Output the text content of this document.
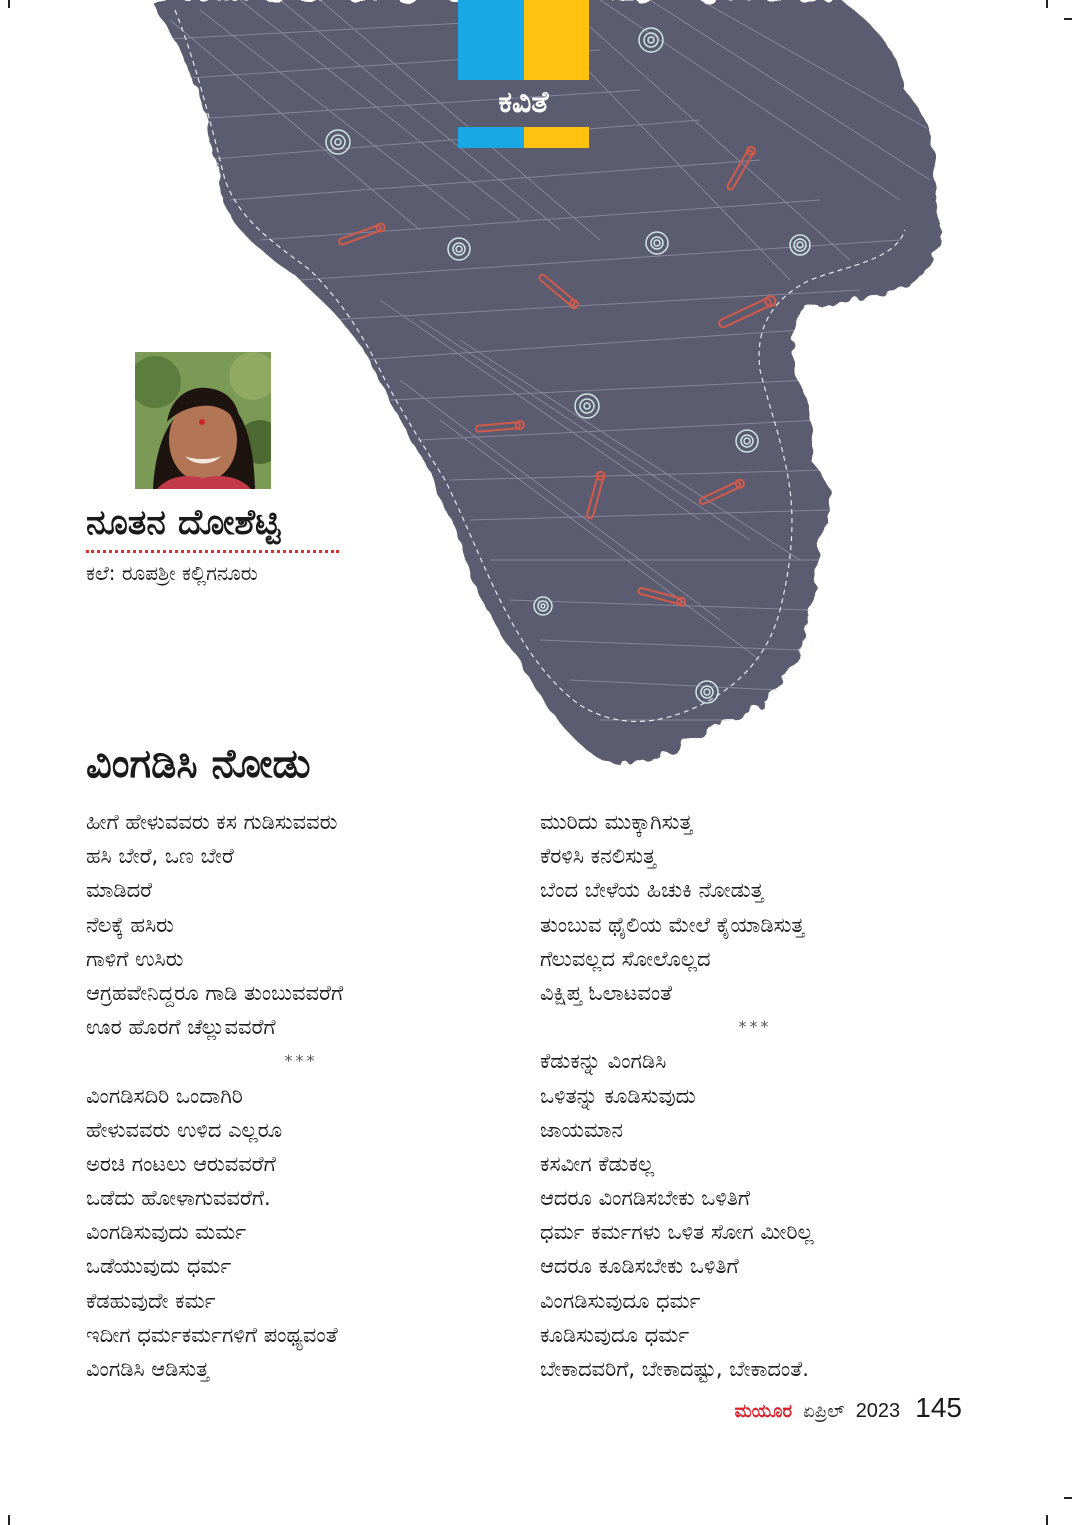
ಕವಿತೆ
ನೂತನ ದೋಶೆಟ್ಟಿ
ಕಲೆ: ರೂಪಶ್ರೀ ಕಲ್ಲಿಗನೂರು
ವಿಂಗಡಿಸಿ ನೋಡು
ಹೀಗೆ ಹೇಳುವವರು ಕಸ ಗುಡಿಸುವವರು
ಹಸಿ ಬೇರೆ, ಒಣ ಬೇರೆ
ಮಾಡಿದರೆ
ನೆಲಕ್ಕೆ ಹಸಿರು
ಗಾಳಿಗೆ ಉಸಿರು
ಆಗ್ರಹವೇನಿದ್ದರೂ ಗಾಡಿ ತುಂಬುವವರೆಗೆ
ಊರ ಹೊರಗೆ ಚೆಲ್ಲುವವರೆಗೆ
***
ವಿಂಗಡಿಸದಿರಿ ಒಂದಾಗಿರಿ
ಹೇಳುವವರು ಉಳಿದ ಎಲ್ಲರೂ
ಅರಚಿ ಗಂಟಲು ಆರುವವರೆಗೆ
ಒಡೆದು ಹೋಳಾಗುವವರೆಗೆ.
ವಿಂಗಡಿಸುವುದು ಮರ್ಮ
ಒಡೆಯುವುದು ಧರ್ಮ
ಕೆಡಹುವುದೇ ಕರ್ಮ
ಇದೀಗ ಧರ್ಮಕರ್ಮಗಳಿಗೆ ಪಂಥ್ಯವಂತೆ
ವಿಂಗಡಿಸಿ ಆಡಿಸುತ್ತ
ಮುರಿದು ಮುಕ್ಕಾಗಿಸುತ್ತ
ಕೆರಳಿಸಿ ಕನಲಿಸುತ್ತ
ಬೆಂದ ಬೇಳೆಯ ಹಿಚುಕಿ ನೋಡುತ್ತ
ತುಂಬುವ ಥೈಲಿಯ ಮೇಲೆ ಕೈಯಾಡಿಸುತ್ತ
ಗೆಲುವಲ್ಲದ ಸೋಲೊಲ್ಲದ
ವಿಕ್ಷಿಪ್ತ ಓಲಾಟವಂತೆ
***
ಕೆಡುಕನ್ನು ವಿಂಗಡಿಸಿ
ಒಳಿತನ್ನು ಕೂಡಿಸುವುದು
ಜಾಯಮಾನ
ಕಸವೀಗ ಕೆಡುಕಲ್ಲ
ಆದರೂ ವಿಂಗಡಿಸಬೇಕು ಒಳಿತಿಗೆ
ಧರ್ಮ ಕರ್ಮಗಳು ಒಳಿತ ಸೋಗ ಮೀರಿಲ್ಲ
ಆದರೂ ಕೂಡಿಸಬೇಕು ಒಳಿತಿಗೆ
ವಿಂಗಡಿಸುವುದೂ ಧರ್ಮ
ಕೂಡಿಸುವುದೂ ಧರ್ಮ
ಬೇಕಾದವರಿಗೆ, ಬೇಕಾದಷ್ಟು, ಬೇಕಾದಂತೆ.
ಮಯೂರ ಏಪ್ರಿಲ್ 2023 145
